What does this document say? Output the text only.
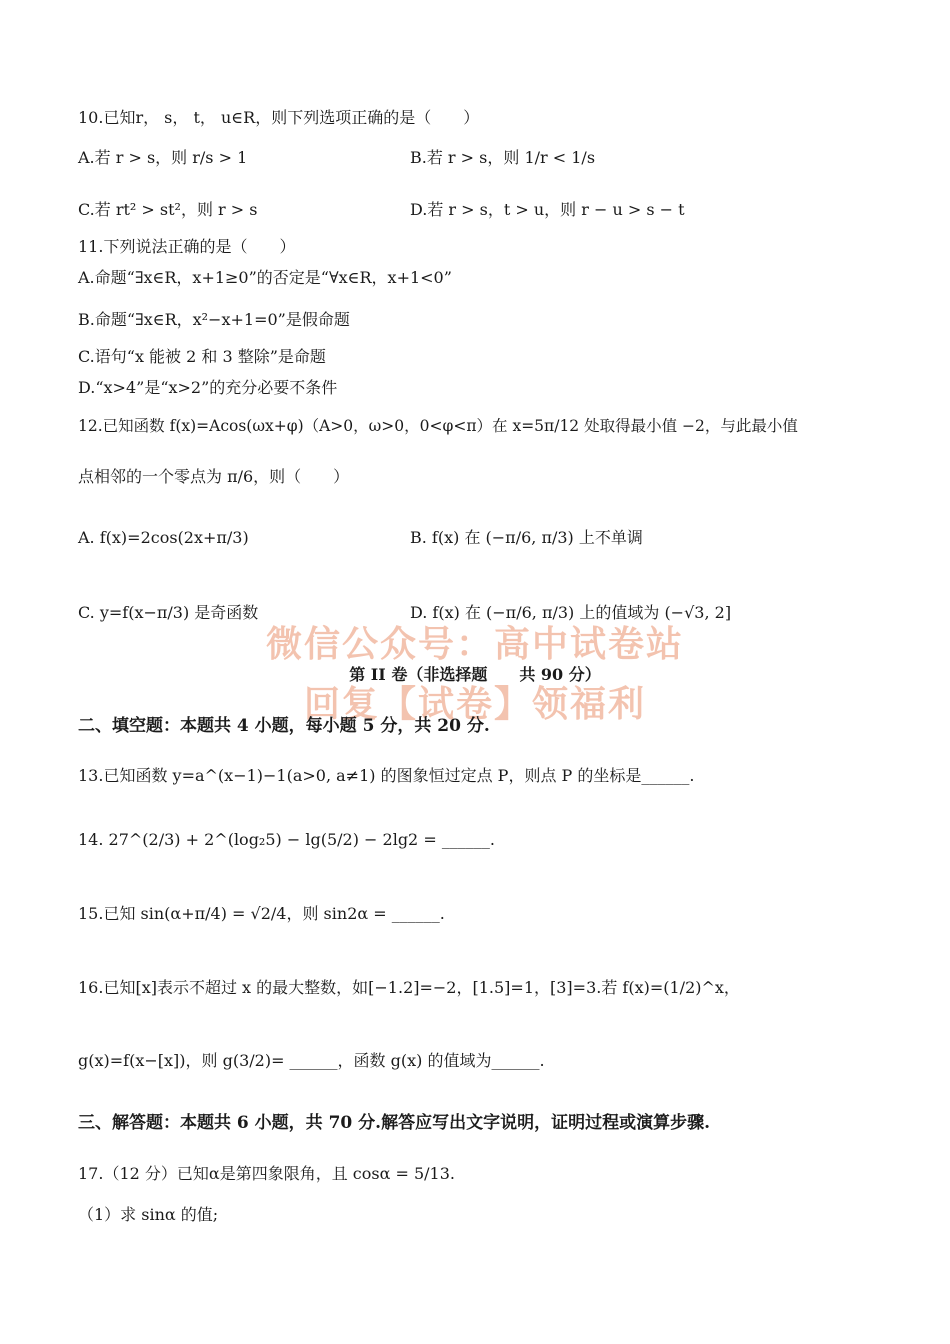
10.已知r， s， t， u∈R，则下列选项正确的是（　　）
A.若 r > s，则 r/s > 1	B.若 r > s，则 1/r < 1/s
C.若 rt² > st²，则 r > s	D.若 r > s，t > u，则 r − u > s − t
11.下列说法正确的是（　　）
A.命题“∃x∈R，x+1≥0”的否定是“∀x∈R，x+1<0”
B.命题“∃x∈R，x²−x+1=0”是假命题
C.语句“x 能被 2 和 3 整除”是命题
D.“x>4”是“x>2”的充分必要不条件
12.已知函数 f(x)=Acos(ωx+φ)（A>0，ω>0，0<φ<π）在 x=5π/12 处取得最小值 −2，与此最小值
点相邻的一个零点为 π/6，则（　　）
A. f(x)=2cos(2x+π/3)	B. f(x) 在 (−π/6, π/3) 上不单调
C. y=f(x−π/3) 是奇函数	D. f(x) 在 (−π/6, π/3) 上的值域为 (−√3, 2]
第 II 卷（非选择题　　共 90 分）
微信公众号：高中试卷站
回复【试卷】领福利
二、填空题：本题共 4 小题，每小题 5 分，共 20 分.
13.已知函数 y=a^(x−1)−1(a>0, a≠1) 的图象恒过定点 P，则点 P 的坐标是______.
14. 27^(2/3) + 2^(log₂5) − lg(5/2) − 2lg2 = ______.
15.已知 sin(α+π/4) = √2/4，则 sin2α = ______.
16.已知[x]表示不超过 x 的最大整数，如[−1.2]=−2，[1.5]=1，[3]=3.若 f(x)=(1/2)^x，
g(x)=f(x−[x])，则 g(3/2)= ______，函数 g(x) 的值域为______.
三、解答题：本题共 6 小题，共 70 分.解答应写出文字说明，证明过程或演算步骤.
17.（12 分）已知α是第四象限角，且 cosα = 5/13.
（1）求 sinα 的值;
